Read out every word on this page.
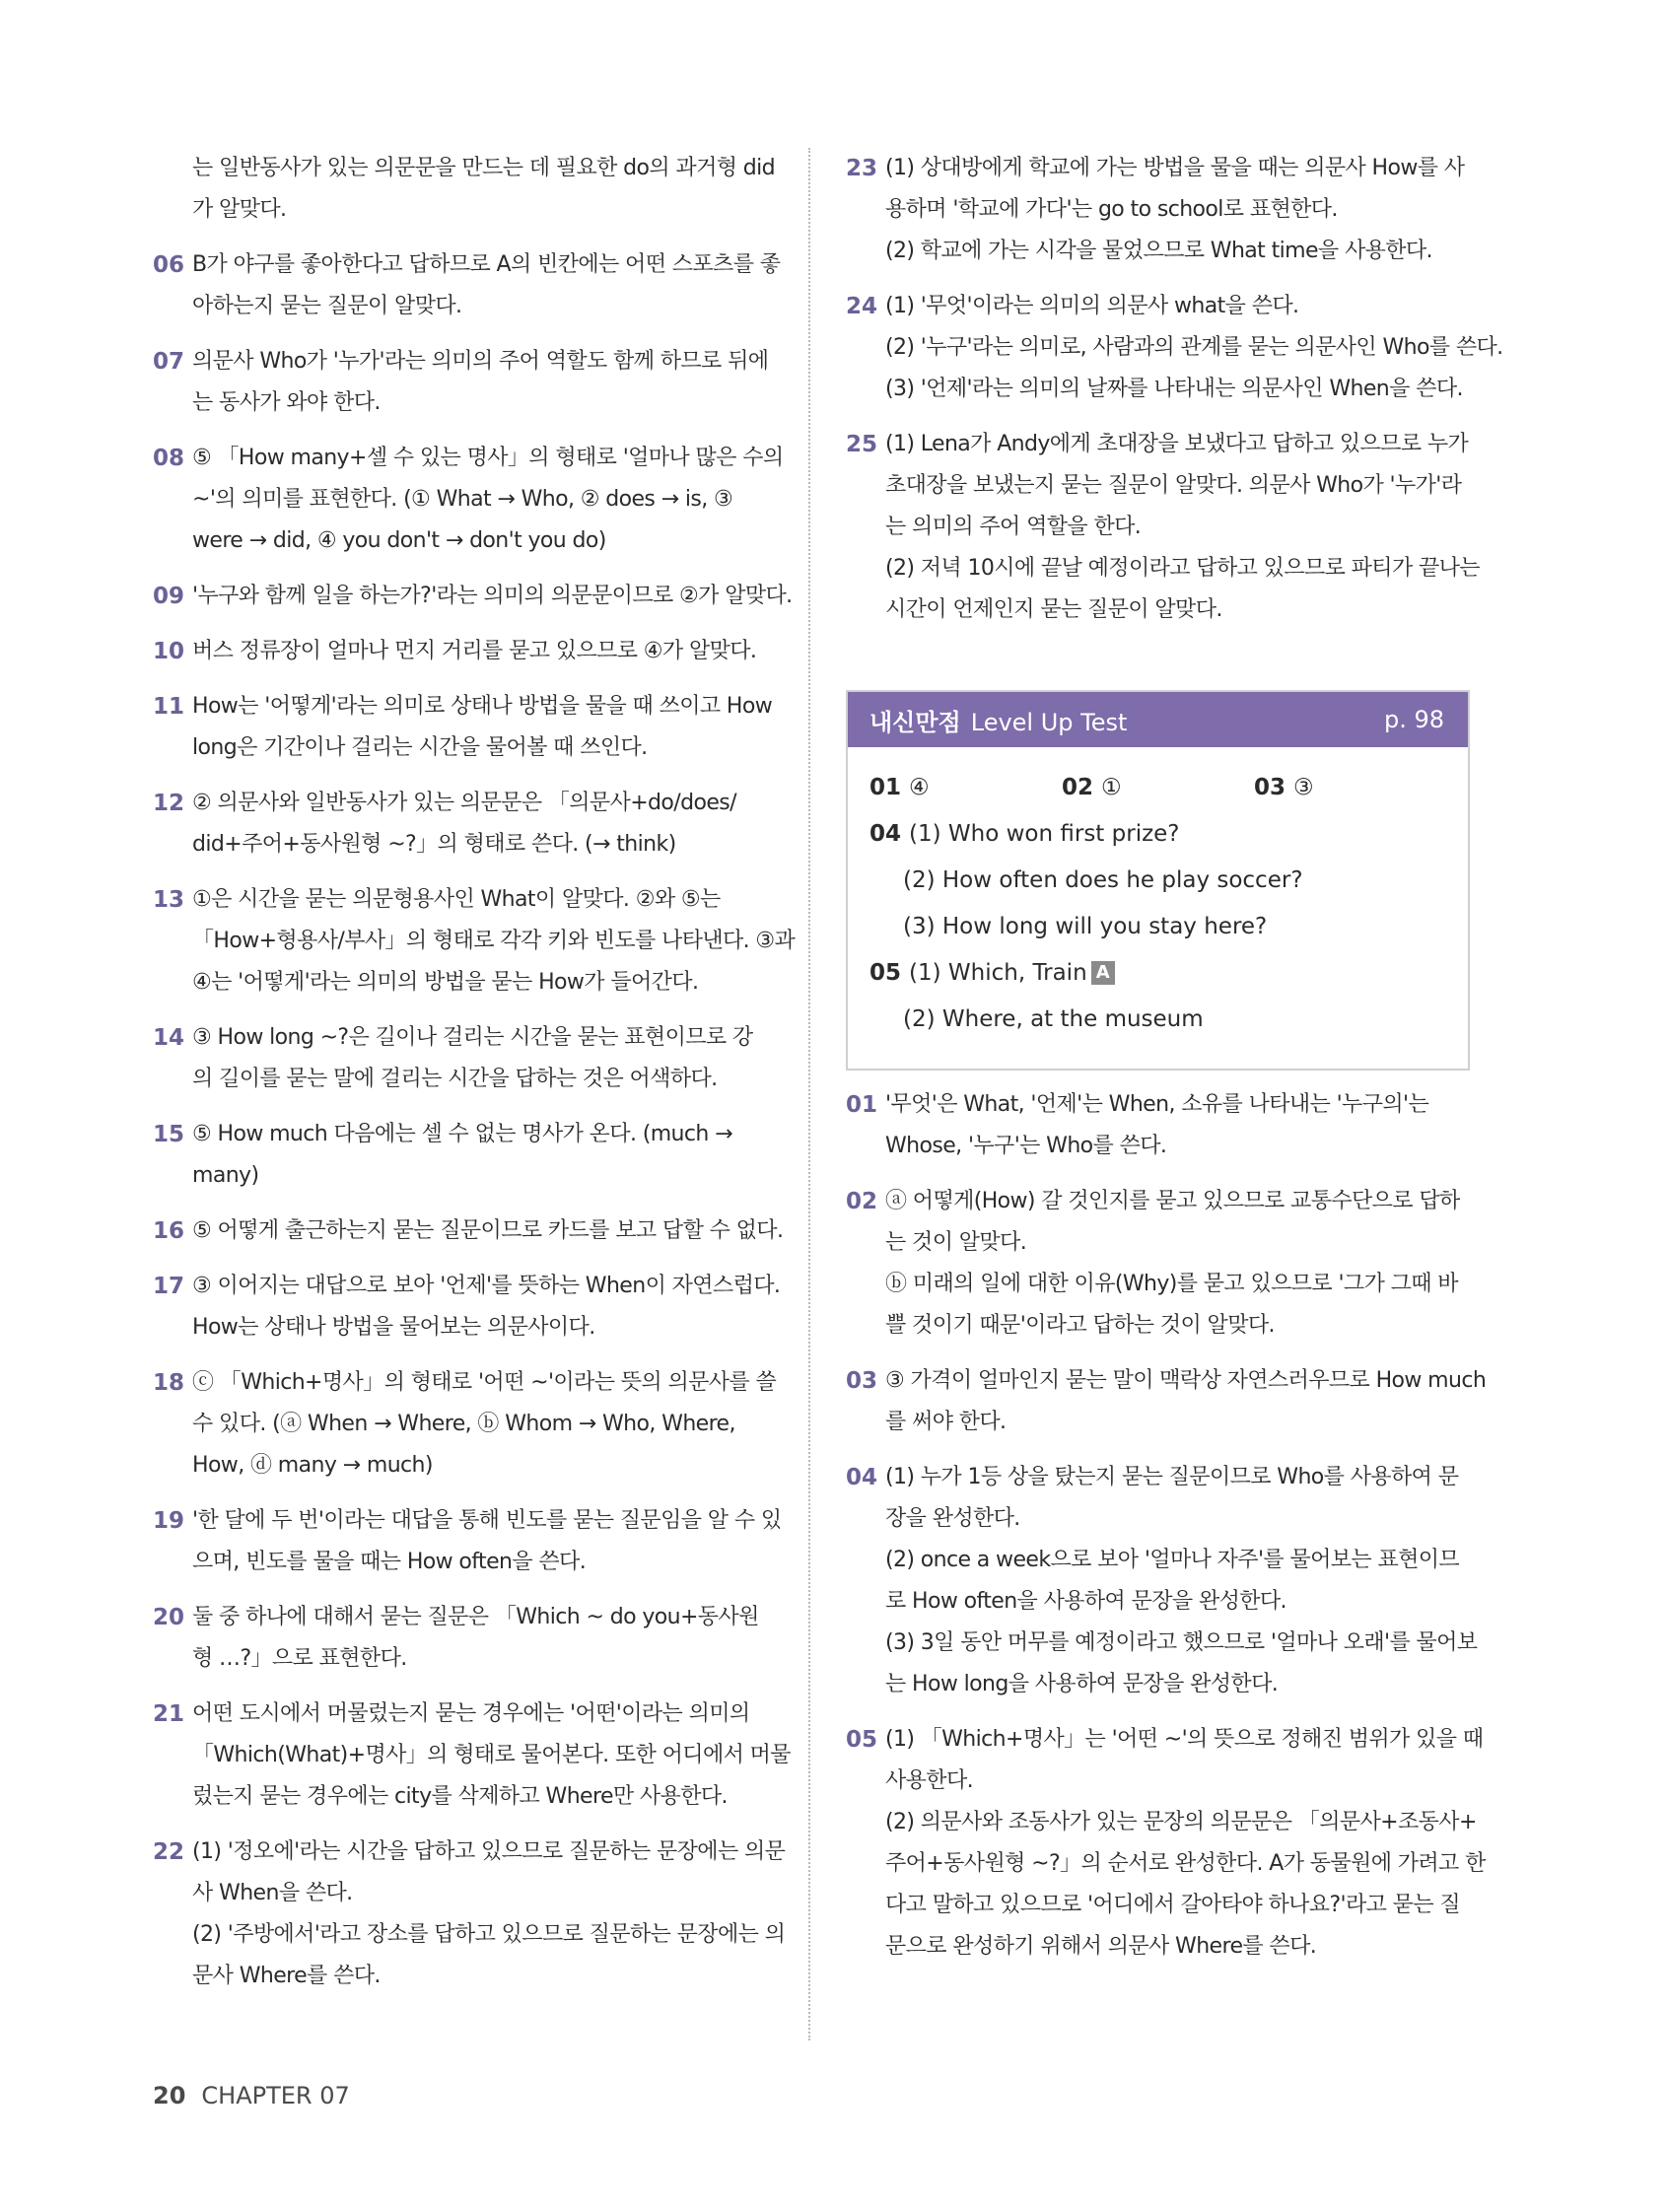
는 일반동사가 있는 의문문을 만드는 데 필요한 do의 과거형 did
가 알맞다.
06 B가 야구를 좋아한다고 답하므로 A의 빈칸에는 어떤 스포츠를 좋
아하는지 묻는 질문이 알맞다.
07 의문사 Who가 '누가'라는 의미의 주어 역할도 함께 하므로 뒤에
는 동사가 와야 한다.
08 ⑤ 「How many+셀 수 있는 명사」의 형태로 '얼마나 많은 수의
~'의 의미를 표현한다. (① What → Who, ② does → is, ③
were → did, ④ you don't → don't you do)
09 '누구와 함께 일을 하는가?'라는 의미의 의문문이므로 ②가 알맞다.
10 버스 정류장이 얼마나 먼지 거리를 묻고 있으므로 ④가 알맞다.
11 How는 '어떻게'라는 의미로 상태나 방법을 물을 때 쓰이고 How
long은 기간이나 걸리는 시간을 물어볼 때 쓰인다.
12 ② 의문사와 일반동사가 있는 의문문은 「의문사+do/does/
did+주어+동사원형 ~?」의 형태로 쓴다. (→ think)
13 ①은 시간을 묻는 의문형용사인 What이 알맞다. ②와 ⑤는
「How+형용사/부사」의 형태로 각각 키와 빈도를 나타낸다. ③과
④는 '어떻게'라는 의미의 방법을 묻는 How가 들어간다.
14 ③ How long ~?은 길이나 걸리는 시간을 묻는 표현이므로 강
의 길이를 묻는 말에 걸리는 시간을 답하는 것은 어색하다.
15 ⑤ How much 다음에는 셀 수 없는 명사가 온다. (much →
many)
16 ⑤ 어떻게 출근하는지 묻는 질문이므로 카드를 보고 답할 수 없다.
17 ③ 이어지는 대답으로 보아 '언제'를 뜻하는 When이 자연스럽다.
How는 상태나 방법을 물어보는 의문사이다.
18 ⓒ 「Which+명사」의 형태로 '어떤 ~'이라는 뜻의 의문사를 쓸
수 있다. (ⓐ When → Where, ⓑ Whom → Who, Where,
How, ⓓ many → much)
19 '한 달에 두 번'이라는 대답을 통해 빈도를 묻는 질문임을 알 수 있
으며, 빈도를 물을 때는 How often을 쓴다.
20 둘 중 하나에 대해서 묻는 질문은 「Which ~ do you+동사원
형 …?」으로 표현한다.
21 어떤 도시에서 머물렀는지 묻는 경우에는 '어떤'이라는 의미의
「Which(What)+명사」의 형태로 물어본다. 또한 어디에서 머물
렀는지 묻는 경우에는 city를 삭제하고 Where만 사용한다.
22 (1) '정오에'라는 시간을 답하고 있으므로 질문하는 문장에는 의문
사 When을 쓴다.
(2) '주방에서'라고 장소를 답하고 있으므로 질문하는 문장에는 의
문사 Where를 쓴다.
23 (1) 상대방에게 학교에 가는 방법을 물을 때는 의문사 How를 사
용하며 '학교에 가다'는 go to school로 표현한다.
(2) 학교에 가는 시각을 물었으므로 What time을 사용한다.
24 (1) '무엇'이라는 의미의 의문사 what을 쓴다.
(2) '누구'라는 의미로, 사람과의 관계를 묻는 의문사인 Who를 쓴다.
(3) '언제'라는 의미의 날짜를 나타내는 의문사인 When을 쓴다.
25 (1) Lena가 Andy에게 초대장을 보냈다고 답하고 있으므로 누가
초대장을 보냈는지 묻는 질문이 알맞다. 의문사 Who가 '누가'라
는 의미의 주어 역할을 한다.
(2) 저녁 10시에 끝날 예정이라고 답하고 있으므로 파티가 끝나는
시간이 언제인지 묻는 질문이 알맞다.
내신만점 Level Up Test	p. 98
01 ④	02 ①	03 ③
04 (1) Who won first prize?
(2) How often does he play soccer?
(3) How long will you stay here?
05 (1) Which, Train A
(2) Where, at the museum
01 '무엇'은 What, '언제'는 When, 소유를 나타내는 '누구의'는
Whose, '누구'는 Who를 쓴다.
02 ⓐ 어떻게(How) 갈 것인지를 묻고 있으므로 교통수단으로 답하
는 것이 알맞다.
ⓑ 미래의 일에 대한 이유(Why)를 묻고 있으므로 '그가 그때 바
쁠 것이기 때문'이라고 답하는 것이 알맞다.
03 ③ 가격이 얼마인지 묻는 말이 맥락상 자연스러우므로 How much
를 써야 한다.
04 (1) 누가 1등 상을 탔는지 묻는 질문이므로 Who를 사용하여 문
장을 완성한다.
(2) once a week으로 보아 '얼마나 자주'를 물어보는 표현이므
로 How often을 사용하여 문장을 완성한다.
(3) 3일 동안 머무를 예정이라고 했으므로 '얼마나 오래'를 물어보
는 How long을 사용하여 문장을 완성한다.
05 (1) 「Which+명사」는 '어떤 ~'의 뜻으로 정해진 범위가 있을 때
사용한다.
(2) 의문사와 조동사가 있는 문장의 의문문은 「의문사+조동사+
주어+동사원형 ~?」의 순서로 완성한다. A가 동물원에 가려고 한
다고 말하고 있으므로 '어디에서 갈아타야 하나요?'라고 묻는 질
문으로 완성하기 위해서 의문사 Where를 쓴다.
20 CHAPTER 07
